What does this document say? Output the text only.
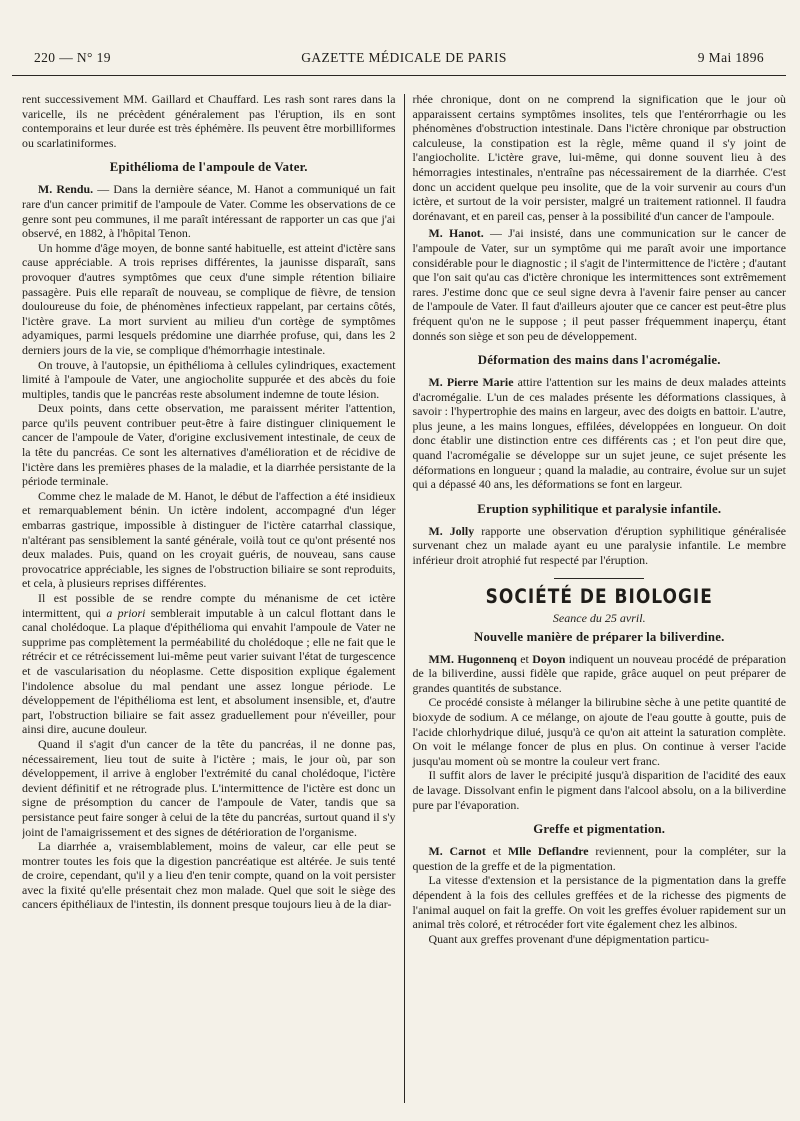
220 — N° 19	GAZETTE MÉDICALE DE PARIS	9 Mai 1896

rent successivement MM. Gaillard et Chauffard. Les rash sont rares dans la varicelle, ils ne précèdent généralement pas l'éruption, ils en sont contemporains et leur durée est très éphémère. Ils peuvent être morbilliformes ou scarlatiniformes.

Epithélioma de l'ampoule de Vater.

M. Rendu. — Dans la dernière séance, M. Hanot a communiqué un fait rare d'un cancer primitif de l'ampoule de Vater. Comme les observations de ce genre sont peu communes, il me paraît intéressant de rapporter un cas que j'ai observé, en 1882, à l'hôpital Tenon.

Un homme d'âge moyen, de bonne santé habituelle, est atteint d'ictère sans cause appréciable. A trois reprises différentes, la jaunisse disparaît, sans provoquer d'autres symptômes que ceux d'une simple rétention biliaire passagère. Puis elle reparaît de nouveau, se complique de fièvre, de tension douloureuse du foie, de phénomènes infectieux rappelant, par certains côtés, l'ictère grave. La mort survient au milieu d'un cortège de symptômes adyamiques, parmi lesquels prédomine une diarrhée profuse, qui, dans les 2 derniers jours de la vie, se complique d'hémorrhagie intestinale.

On trouve, à l'autopsie, un épithélioma à cellules cylindriques, exactement limité à l'ampoule de Vater, une angiocholite suppurée et des abcès du foie multiples, tandis que le pancréas reste absolument indemne de toute lésion.

Deux points, dans cette observation, me paraissent mériter l'attention, parce qu'ils peuvent contribuer peut-être à faire distinguer cliniquement le cancer de l'ampoule de Vater, d'origine exclusivement intestinale, de ceux de la tête du pancréas. Ce sont les alternatives d'amélioration et de récidive de l'ictère dans les premières phases de la maladie, et la diarrhée persistante de la période terminale.

Comme chez le malade de M. Hanot, le début de l'affection a été insidieux et remarquablement bénin. Un ictère indolent, accompagné d'un léger embarras gastrique, impossible à distinguer de l'ictère catarrhal classique, n'altérant pas sensiblement la santé générale, voilà tout ce qu'ont présenté nos deux malades. Puis, quand on les croyait guéris, de nouveau, sans cause provocatrice appréciable, les signes de l'obstruction biliaire se sont reproduits, et cela, à plusieurs reprises différentes.

Il est possible de se rendre compte du ménanisme de cet ictère intermittent, qui a priori semblerait imputable à un calcul flottant dans le canal cholédoque. La plaque d'épithélioma qui envahit l'ampoule de Vater ne supprime pas complètement la perméabilité du cholédoque ; elle ne fait que le rétrécir et ce rétrécissement lui-même peut varier suivant l'état de turgescence et de vascularisation du néoplasme. Cette disposition explique également l'indolence absolue du mal pendant une assez longue période. Le développement de l'épithélioma est lent, et absolument insensible, et, d'autre part, l'obstruction biliaire se fait assez graduellement pour n'éveiller, pour ainsi dire, aucune douleur.

Quand il s'agit d'un cancer de la tête du pancréas, il ne donne pas, nécessairement, lieu tout de suite à l'ictère ; mais, le jour où, par son développement, il arrive à englober l'extrémité du canal cholédoque, l'ictère devient définitif et ne rétrograde plus. L'intermittence de l'ictère est donc un signe de présomption du cancer de l'ampoule de Vater, tandis que sa persistance peut faire songer à celui de la tête du pancréas, surtout quand il s'y joint de l'amaigrissement et des signes de détérioration de l'organisme.

La diarrhée a, vraisemblablement, moins de valeur, car elle peut se montrer toutes les fois que la digestion pancréatique est altérée. Je suis tenté de croire, cependant, qu'il y a lieu d'en tenir compte, quand on la voit persister avec la fixité qu'elle présentait chez mon malade. Quel que soit le siège des cancers épithéliaux de l'intestin, ils donnent presque toujours lieu à de la diar-

rhée chronique, dont on ne comprend la signification que le jour où apparaissent certains symptômes insolites, tels que l'entérorrhagie ou les phénomènes d'obstruction intestinale. Dans l'ictère chronique par obstruction calculeuse, la constipation est la règle, même quand il s'y joint de l'angiocholite. L'ictère grave, lui-même, qui donne souvent lieu à des hémorragies intestinales, n'entraîne pas nécessairement de la diarrhée. C'est donc un accident quelque peu insolite, que de la voir survenir au cours d'un ictère, et surtout de la voir persister, malgré un traitement rationnel. Il faudra dorénavant, et en pareil cas, penser à la possibilité d'un cancer de l'ampoule.

M. Hanot. — J'ai insisté, dans une communication sur le cancer de l'ampoule de Vater, sur un symptôme qui me paraît avoir une importance considérable pour le diagnostic ; il s'agit de l'intermittence de l'ictère ; d'autant que l'on sait qu'au cas d'ictère chronique les intermittences sont extrêmement rares. J'estime donc que ce seul signe devra à l'avenir faire penser au cancer de l'ampoule de Vater. Il faut d'ailleurs ajouter que ce cancer est peut-être plus fréquent qu'on ne le suppose ; il peut passer fréquemment inaperçu, étant donnés son siège et son peu de développement.

Déformation des mains dans l'acromégalie.

M. Pierre Marie attire l'attention sur les mains de deux malades atteints d'acromégalie. L'un de ces malades présente les déformations classiques, à savoir : l'hypertrophie des mains en largeur, avec des doigts en battoir. L'autre, plus jeune, a les mains longues, effilées, développées en longueur. On doit donc établir une distinction entre ces différents cas ; et l'on peut dire que, quand l'acromégalie se développe sur un sujet jeune, ce sujet présente les déformations en longueur ; quand la maladie, au contraire, évolue sur un sujet qui a dépassé 40 ans, les déformations se font en largeur.

Eruption syphilitique et paralysie infantile.

M. Jolly rapporte une observation d'éruption syphilitique généralisée survenant chez un malade ayant eu une paralysie infantile. Le membre inférieur droit atrophié fut respecté par l'éruption.

SOCIÉTÉ DE BIOLOGIE
Seance du 25 avril.
Nouvelle manière de préparer la biliverdine.

MM. Hugonnenq et Doyon indiquent un nouveau procédé de préparation de la biliverdine, aussi fidèle que rapide, grâce auquel on peut préparer de grandes quantités de substance.

Ce procédé consiste à mélanger la bilirubine sèche à une petite quantité de bioxyde de sodium. A ce mélange, on ajoute de l'eau goutte à goutte, puis de l'acide chlorhydrique dilué, jusqu'à ce qu'on ait atteint la saturation complète. On voit le mélange foncer de plus en plus. On continue à verser l'acide jusqu'au moment où se montre la couleur vert franc.

Il suffit alors de laver le précipité jusqu'à disparition de l'acidité des eaux de lavage. Dissolvant enfin le pigment dans l'alcool absolu, on a la biliverdine pure par l'évaporation.

Greffe et pigmentation.

M. Carnot et Mlle Deflandre reviennent, pour la compléter, sur la question de la greffe et de la pigmentation.

La vitesse d'extension et la persistance de la pigmentation dans la greffe dépendent à la fois des cellules greffées et de la richesse des pigments de l'animal auquel on fait la greffe. On voit les greffes évoluer rapidement sur un animal très coloré, et rétrocéder fort vite également chez les albinos.

Quant aux greffes provenant d'une dépigmentation particu-
